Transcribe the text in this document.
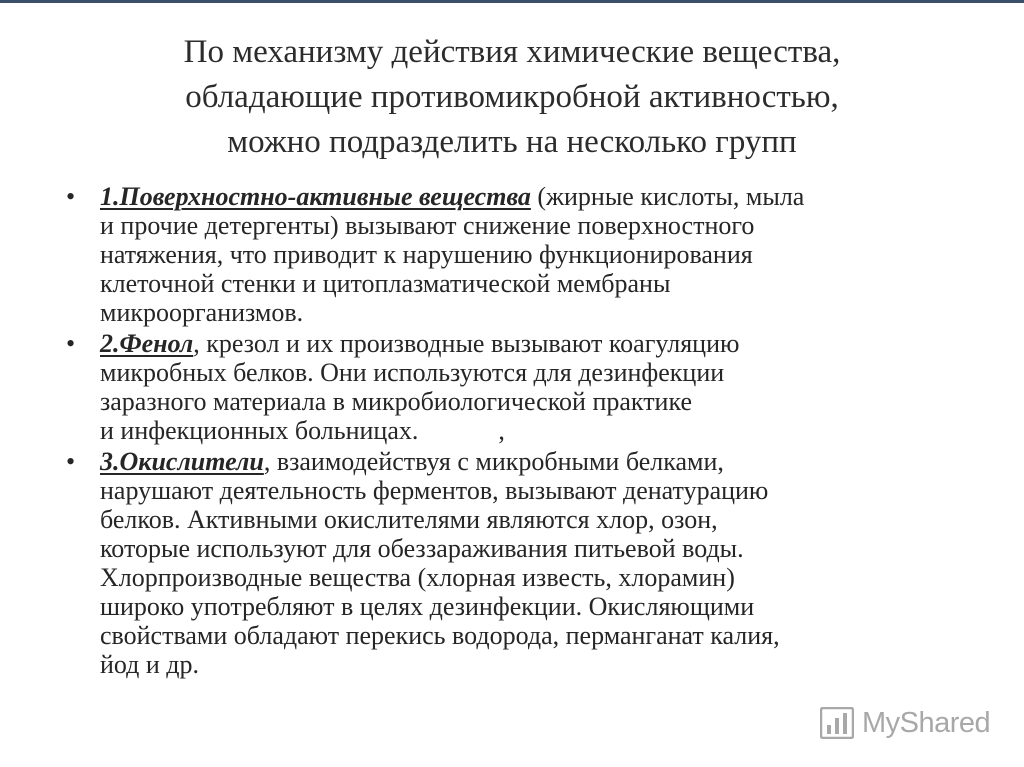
По механизму действия химические вещества,
обладающие противомикробной активностью,
можно подразделить на несколько групп
• 1.Поверхностно-активные вещества (жирные кислоты, мыла
и прочие детергенты) вызывают снижение поверхностного
натяжения, что приводит к нарушению функционирования
клеточной стенки и цитоплазматической мембраны
микроорганизмов.
• 2.Фенол, крезол и их производные вызывают коагуляцию
микробных белков. Они используются для дезинфекции
заразного материала в микробиологической практике
и инфекционных больницах.	,
• 3.Окислители, взаимодействуя с микробными белками,
нарушают деятельность ферментов, вызывают денатурацию
белков. Активными окислителями являются хлор, озон,
которые используют для обеззараживания питьевой воды.
Хлорпроизводные вещества (хлорная известь, хлорамин)
широко употребляют в целях дезинфекции. Окисляющими
свойствами обладают перекись водорода, перманганат калия,
йод и др.
MyShared
